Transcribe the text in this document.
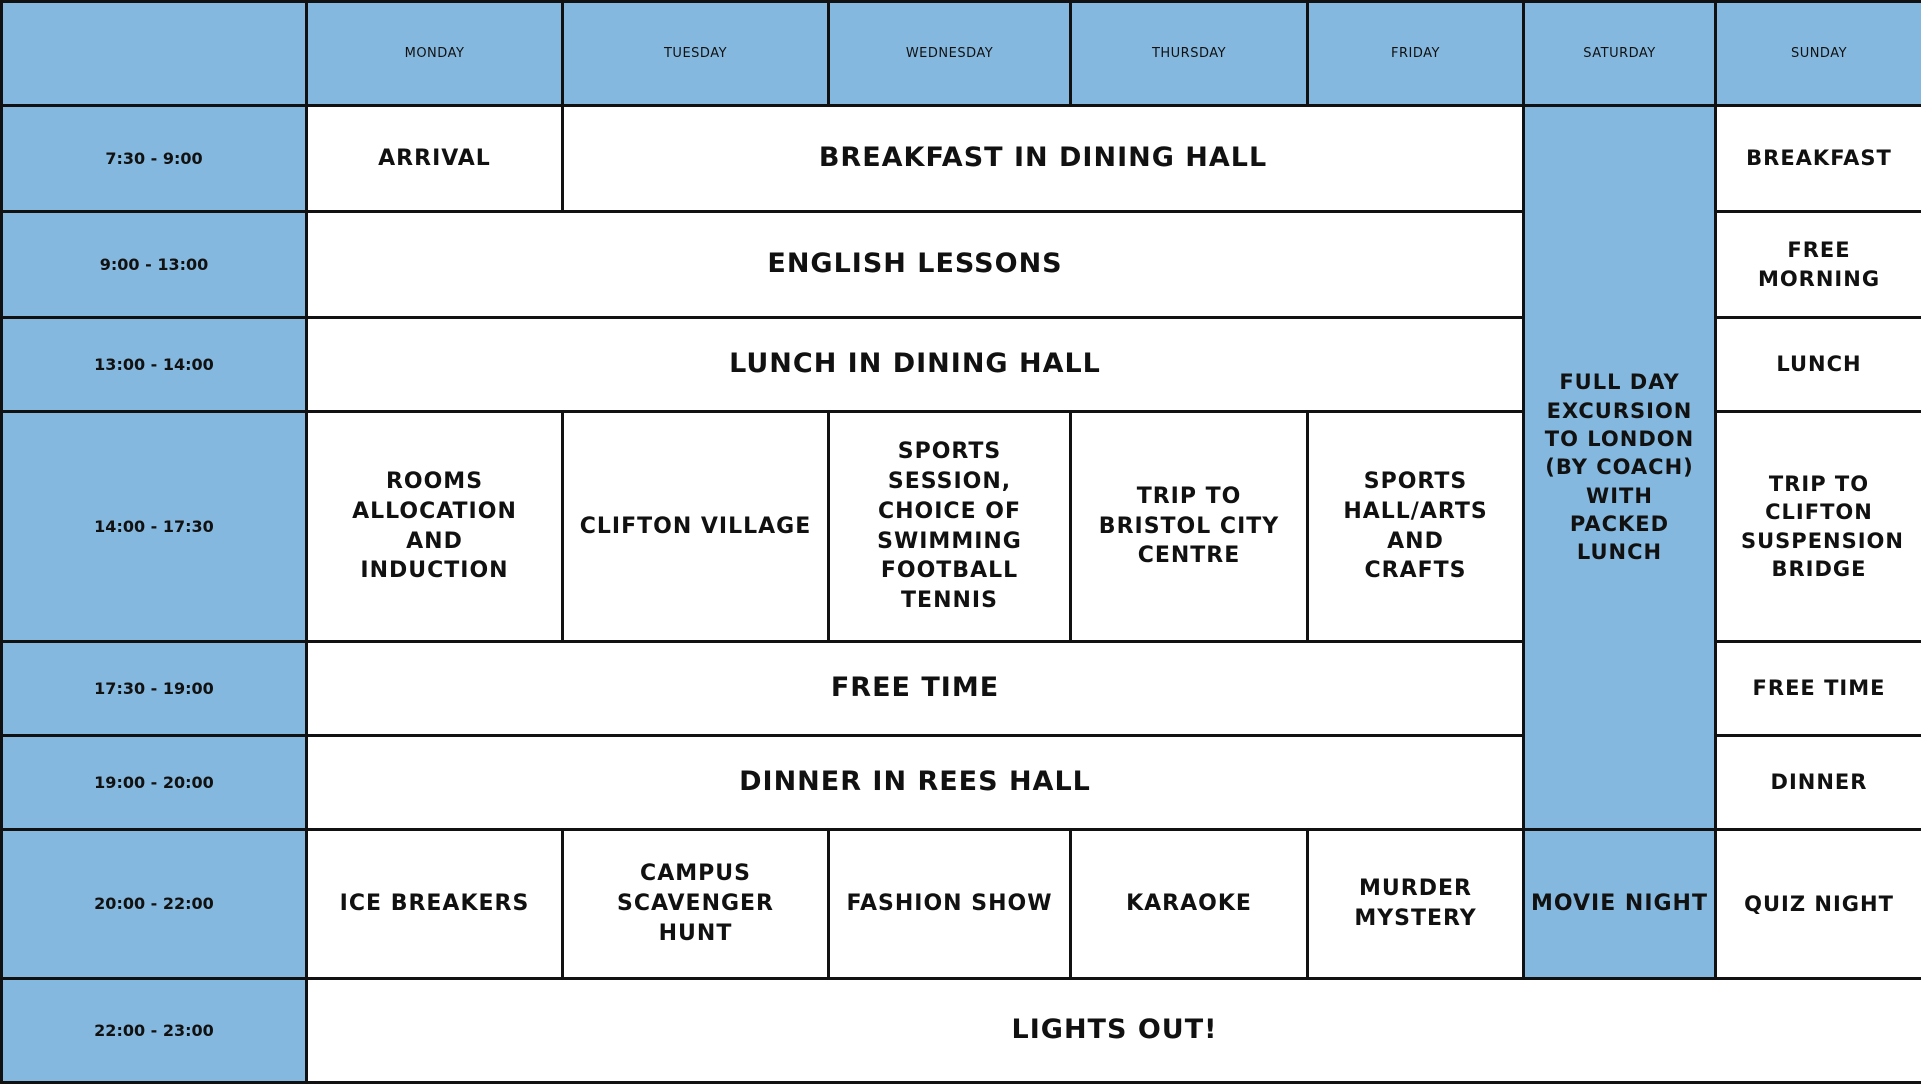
	MONDAY	TUESDAY	WEDNESDAY	THURSDAY	FRIDAY	SATURDAY	SUNDAY
7:30 - 9:00	ARRIVAL	BREAKFAST IN DINING HALL				FULL DAY EXCURSION TO LONDON (BY COACH) WITH PACKED LUNCH	BREAKFAST
9:00 - 13:00	ENGLISH LESSONS						FREE MORNING
13:00 - 14:00	LUNCH IN DINING HALL						LUNCH
14:00 - 17:30	ROOMS ALLOCATION AND INDUCTION	CLIFTON VILLAGE	SPORTS SESSION, CHOICE OF SWIMMING FOOTBALL TENNIS	TRIP TO BRISTOL CITY CENTRE	SPORTS HALL/ARTS AND CRAFTS		TRIP TO CLIFTON SUSPENSION BRIDGE
17:30 - 19:00	FREE TIME						FREE TIME
19:00 - 20:00	DINNER IN REES HALL						DINNER
20:00 - 22:00	ICE BREAKERS	CAMPUS SCAVENGER HUNT	FASHION SHOW	KARAOKE	MURDER MYSTERY	MOVIE NIGHT	QUIZ NIGHT
22:00 - 23:00	LIGHTS OUT!						
